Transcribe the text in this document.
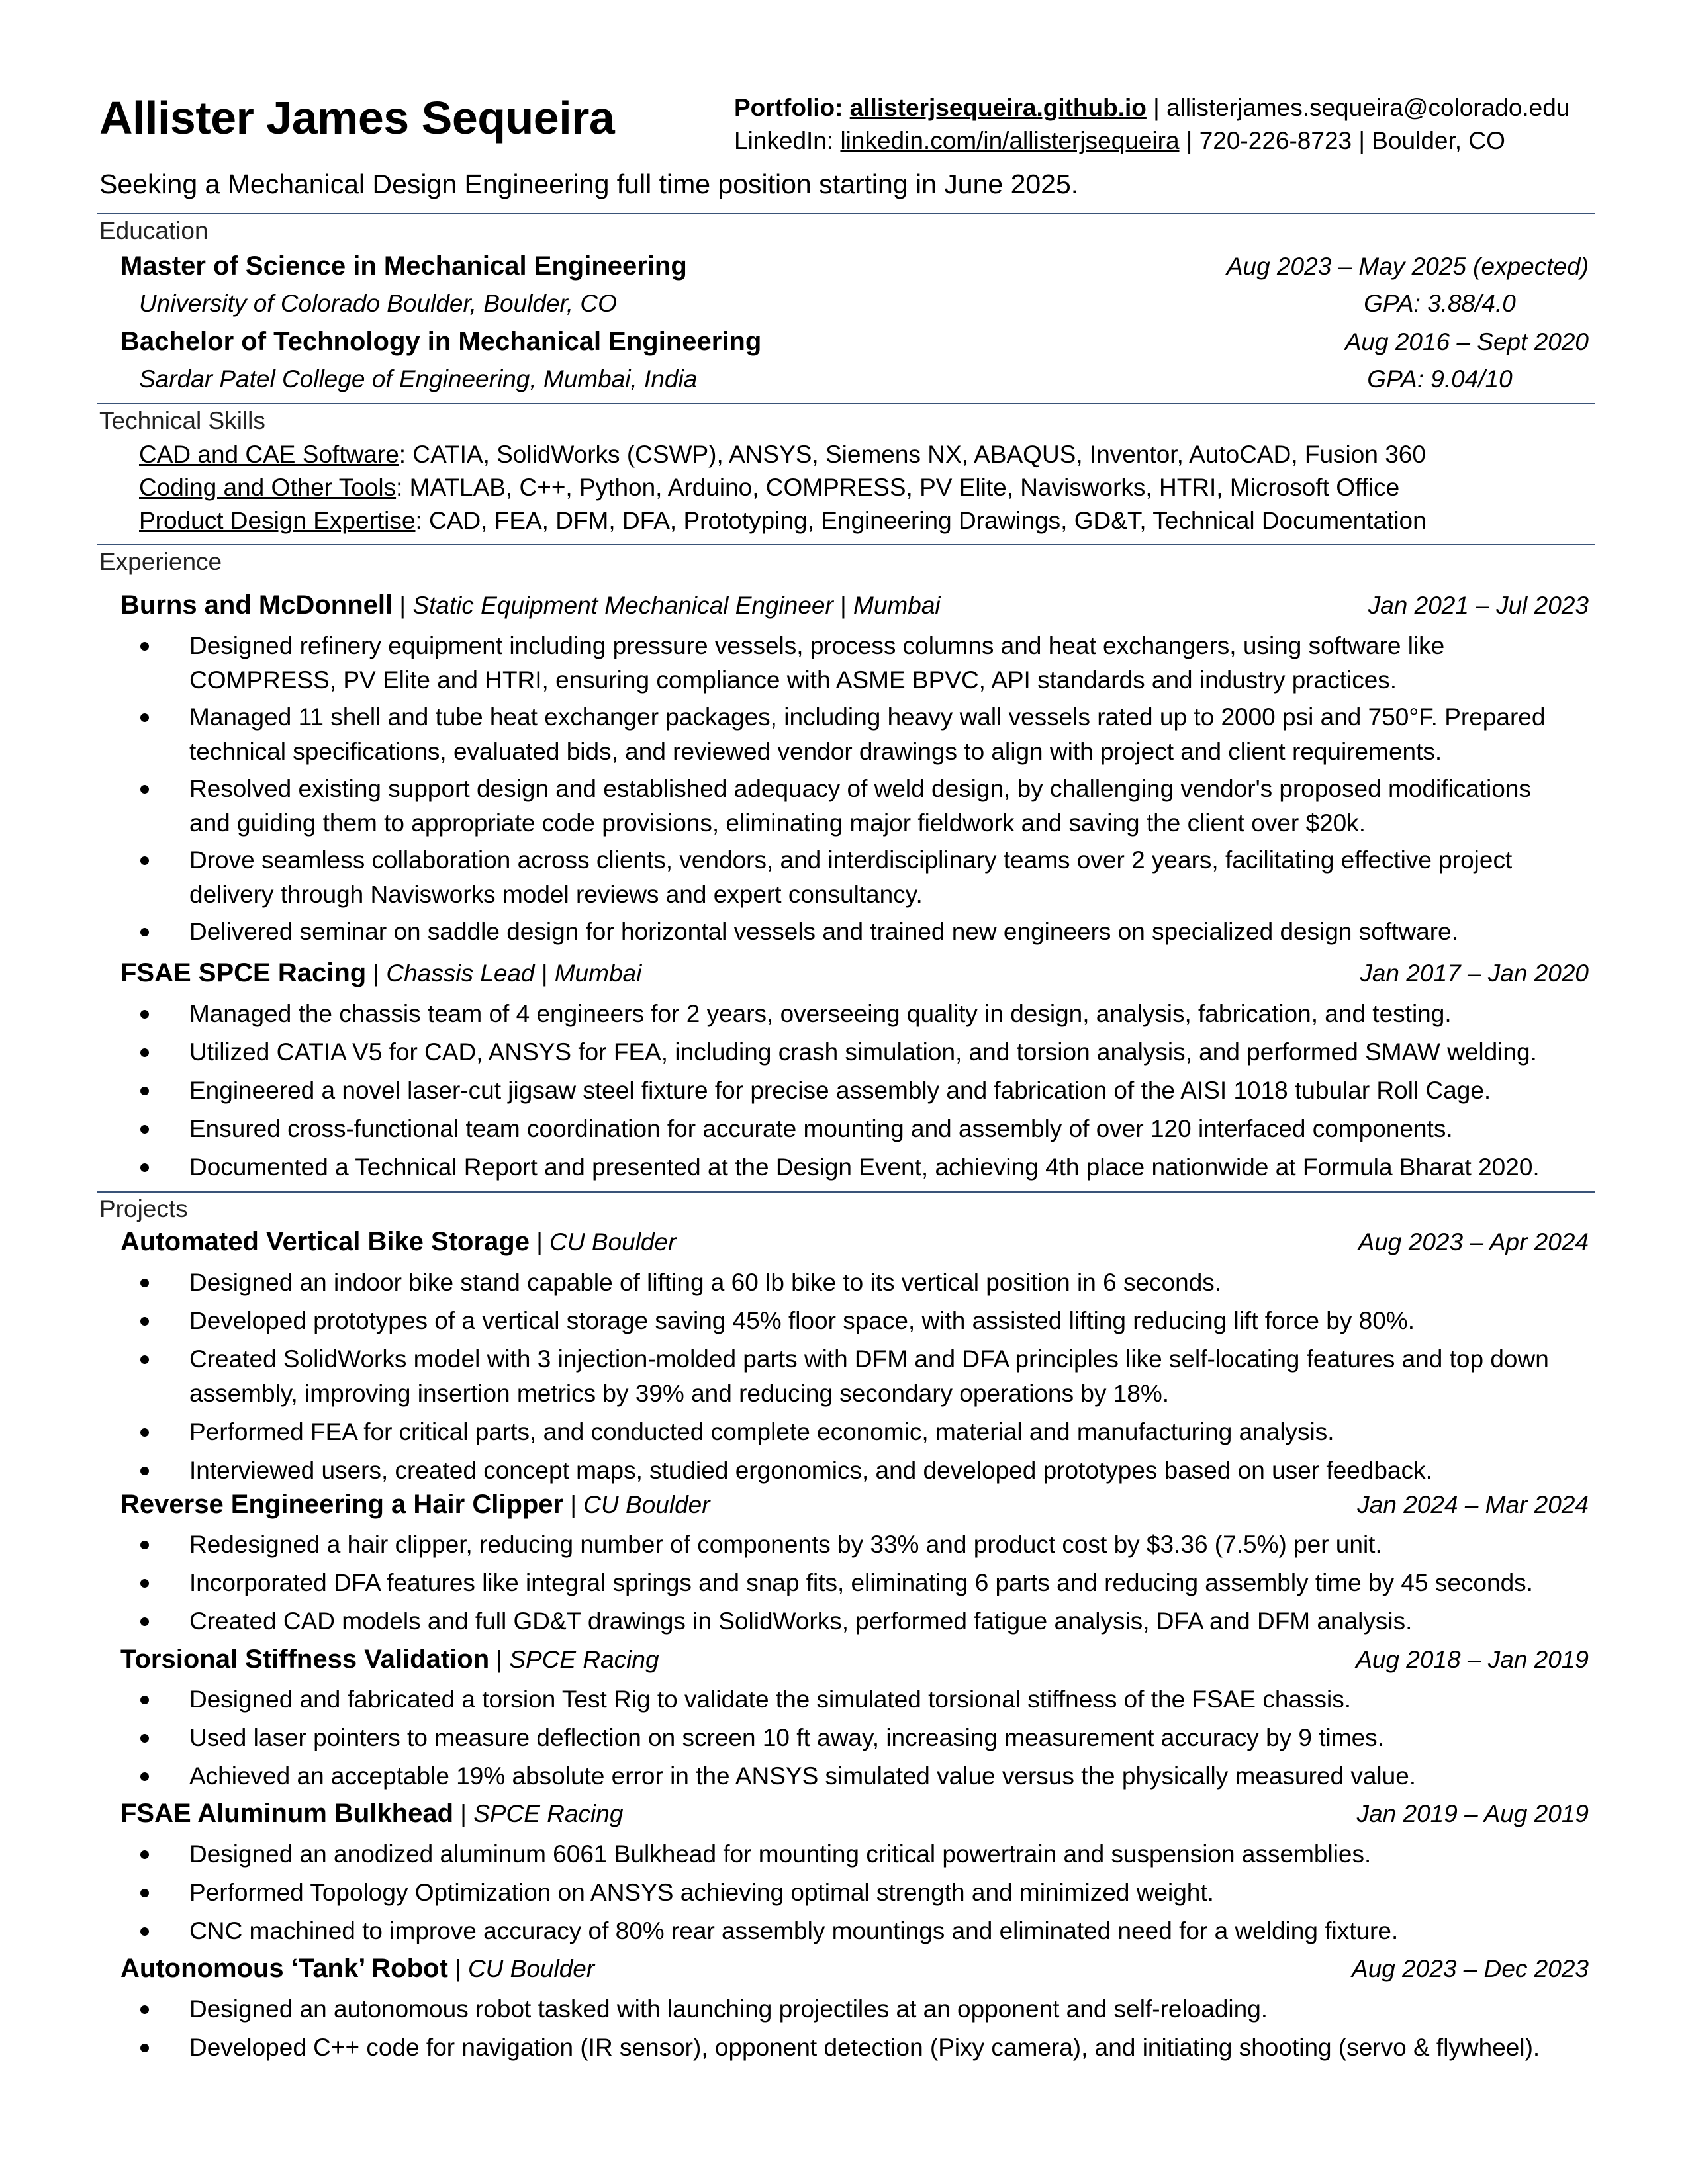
Allister James Sequeira	Portfolio: allisterjsequeira.github.io | allisterjames.sequeira@colorado.edu
LinkedIn: linkedin.com/in/allisterjsequeira | 720-226-8723 | Boulder, CO
Seeking a Mechanical Design Engineering full time position starting in June 2025.
Education
Master of Science in Mechanical Engineering	Aug 2023 – May 2025 (expected)
University of Colorado Boulder, Boulder, CO	GPA: 3.88/4.0
Bachelor of Technology in Mechanical Engineering	Aug 2016 – Sept 2020
Sardar Patel College of Engineering, Mumbai, India	GPA: 9.04/10
Technical Skills
CAD and CAE Software: CATIA, SolidWorks (CSWP), ANSYS, Siemens NX, ABAQUS, Inventor, AutoCAD, Fusion 360
Coding and Other Tools: MATLAB, C++, Python, Arduino, COMPRESS, PV Elite, Navisworks, HTRI, Microsoft Office
Product Design Expertise: CAD, FEA, DFM, DFA, Prototyping, Engineering Drawings, GD&T, Technical Documentation
Experience
Burns and McDonnell | Static Equipment Mechanical Engineer | Mumbai	Jan 2021 – Jul 2023
Designed refinery equipment including pressure vessels, process columns and heat exchangers, using software like COMPRESS, PV Elite and HTRI, ensuring compliance with ASME BPVC, API standards and industry practices.
Managed 11 shell and tube heat exchanger packages, including heavy wall vessels rated up to 2000 psi and 750°F. Prepared technical specifications, evaluated bids, and reviewed vendor drawings to align with project and client requirements.
Resolved existing support design and established adequacy of weld design, by challenging vendor's proposed modifications and guiding them to appropriate code provisions, eliminating major fieldwork and saving the client over $20k.
Drove seamless collaboration across clients, vendors, and interdisciplinary teams over 2 years, facilitating effective project delivery through Navisworks model reviews and expert consultancy.
Delivered seminar on saddle design for horizontal vessels and trained new engineers on specialized design software.
FSAE SPCE Racing | Chassis Lead | Mumbai	Jan 2017 – Jan 2020
Managed the chassis team of 4 engineers for 2 years, overseeing quality in design, analysis, fabrication, and testing.
Utilized CATIA V5 for CAD, ANSYS for FEA, including crash simulation, and torsion analysis, and performed SMAW welding.
Engineered a novel laser-cut jigsaw steel fixture for precise assembly and fabrication of the AISI 1018 tubular Roll Cage.
Ensured cross-functional team coordination for accurate mounting and assembly of over 120 interfaced components.
Documented a Technical Report and presented at the Design Event, achieving 4th place nationwide at Formula Bharat 2020.
Projects
Automated Vertical Bike Storage | CU Boulder	Aug 2023 – Apr 2024
Designed an indoor bike stand capable of lifting a 60 lb bike to its vertical position in 6 seconds.
Developed prototypes of a vertical storage saving 45% floor space, with assisted lifting reducing lift force by 80%.
Created SolidWorks model with 3 injection-molded parts with DFM and DFA principles like self-locating features and top down assembly, improving insertion metrics by 39% and reducing secondary operations by 18%.
Performed FEA for critical parts, and conducted complete economic, material and manufacturing analysis.
Interviewed users, created concept maps, studied ergonomics, and developed prototypes based on user feedback.
Reverse Engineering a Hair Clipper | CU Boulder	Jan 2024 – Mar 2024
Redesigned a hair clipper, reducing number of components by 33% and product cost by $3.36 (7.5%) per unit.
Incorporated DFA features like integral springs and snap fits, eliminating 6 parts and reducing assembly time by 45 seconds.
Created CAD models and full GD&T drawings in SolidWorks, performed fatigue analysis, DFA and DFM analysis.
Torsional Stiffness Validation | SPCE Racing	Aug 2018 – Jan 2019
Designed and fabricated a torsion Test Rig to validate the simulated torsional stiffness of the FSAE chassis.
Used laser pointers to measure deflection on screen 10 ft away, increasing measurement accuracy by 9 times.
Achieved an acceptable 19% absolute error in the ANSYS simulated value versus the physically measured value.
FSAE Aluminum Bulkhead | SPCE Racing	Jan 2019 – Aug 2019
Designed an anodized aluminum 6061 Bulkhead for mounting critical powertrain and suspension assemblies.
Performed Topology Optimization on ANSYS achieving optimal strength and minimized weight.
CNC machined to improve accuracy of 80% rear assembly mountings and eliminated need for a welding fixture.
Autonomous ‘Tank’ Robot | CU Boulder	Aug 2023 – Dec 2023
Designed an autonomous robot tasked with launching projectiles at an opponent and self-reloading.
Developed C++ code for navigation (IR sensor), opponent detection (Pixy camera), and initiating shooting (servo & flywheel).
